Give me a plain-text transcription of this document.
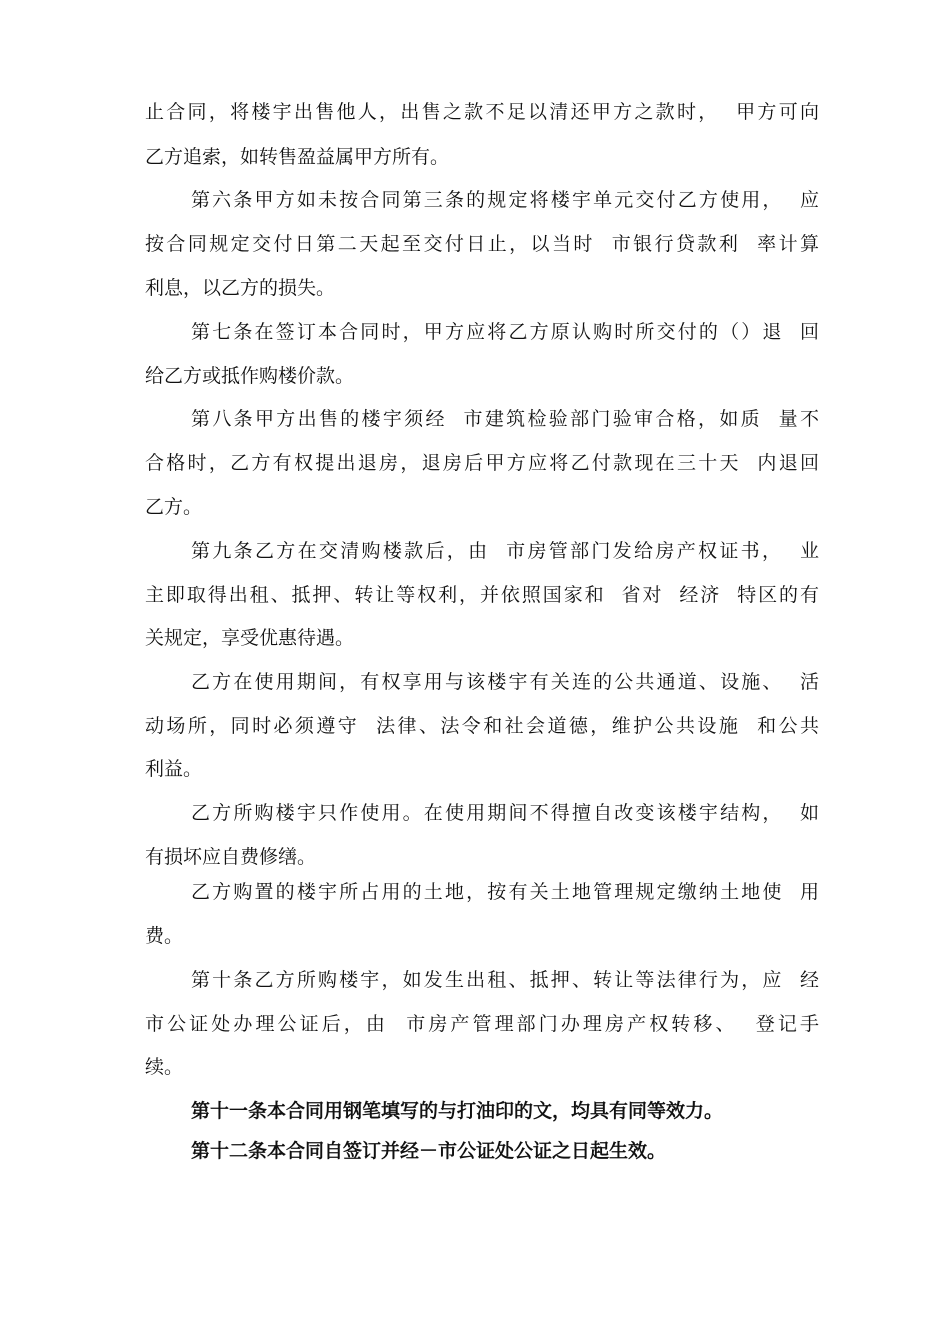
止合同，将楼宇出售他人，出售之款不足以清还甲方之款时，  甲方可向
乙方追索，如转售盈益属甲方所有。
第六条甲方如未按合同第三条的规定将楼宇单元交付乙方使用，  应
按合同规定交付日第二天起至交付日止，以当时  市银行贷款利  率计算
利息，以乙方的损失。
第七条在签订本合同时，甲方应将乙方原认购时所交付的（）退  回
给乙方或抵作购楼价款。
第八条甲方出售的楼宇须经  市建筑检验部门验审合格，如质  量不
合格时，乙方有权提出退房，退房后甲方应将乙付款现在三十天  内退回
乙方。
第九条乙方在交清购楼款后，由  市房管部门发给房产权证书，  业
主即取得出租、抵押、转让等权利，并依照国家和  省对  经济  特区的有
关规定，享受优惠待遇。
乙方在使用期间，有权享用与该楼宇有关连的公共通道、设施、  活
动场所，同时必须遵守  法律、法令和社会道德，维护公共设施  和公共
利益。
乙方所购楼宇只作使用。在使用期间不得擅自改变该楼宇结构，  如
有损坏应自费修缮。
乙方购置的楼宇所占用的土地，按有关土地管理规定缴纳土地使  用
费。
第十条乙方所购楼宇，如发生出租、抵押、转让等法律行为，应  经
市公证处办理公证后，由  市房产管理部门办理房产权转移、  登记手
续。
第十一条本合同用钢笔填写的与打油印的文，均具有同等效力。
第十二条本合同自签订并经－市公证处公证之日起生效。
